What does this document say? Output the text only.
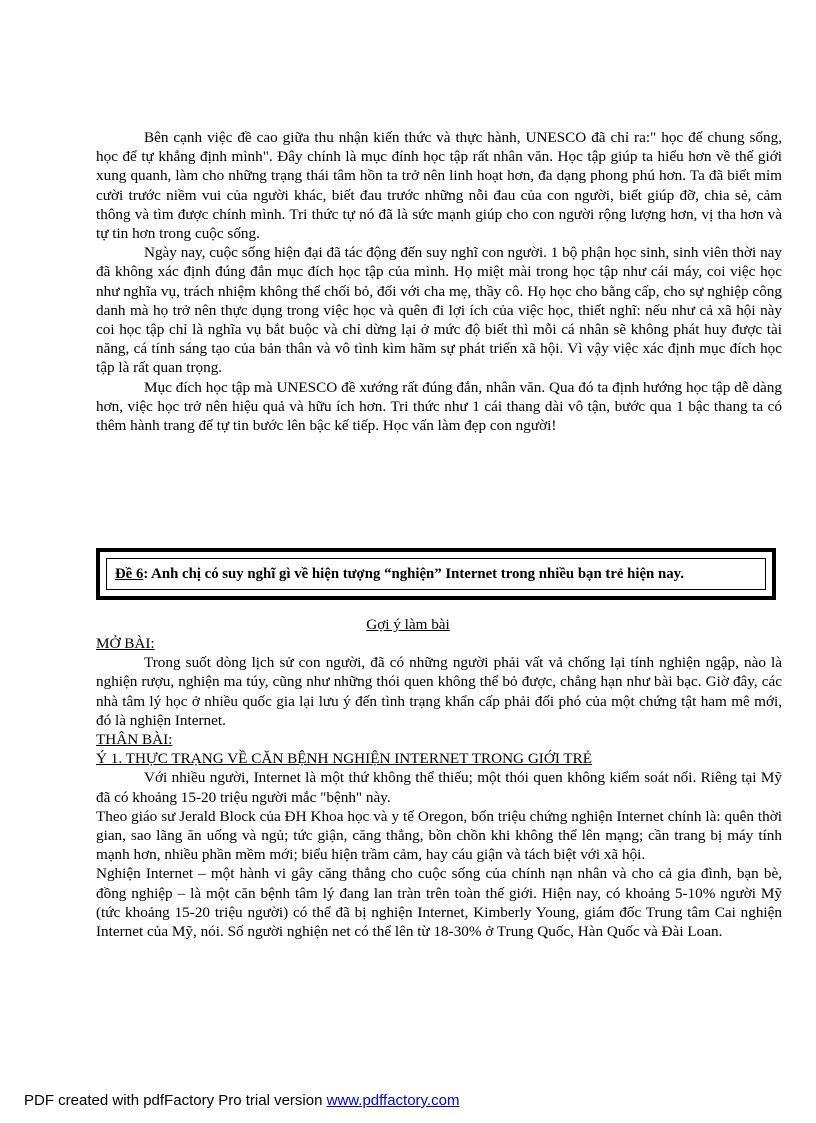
Bên cạnh việc đề cao giữa thu nhận kiến thức và thực hành, UNESCO đã chỉ ra:" học để chung sống, học để tự khẳng định mình". Đây chính là mục đính học tập rất nhân văn. Học tập giúp ta hiểu hơn về thế giới xung quanh, làm cho những trạng thái tâm hồn ta trở nên linh hoạt hơn, đa dạng phong phú hơn. Ta đã biết mỉm cười trước niềm vui của người khác, biết đau trước những nỗi đau của con người, biết giúp đỡ, chia sẻ, cảm thông và tìm được chính mình. Tri thức tự nó đã là sức mạnh giúp cho con người rộng lượng hơn, vị tha hơn và tự tin hơn trong cuộc sống.

Ngày nay, cuộc sống hiện đại đã tác động đến suy nghĩ con người. 1 bộ phận học sinh, sinh viên thời nay đã không xác định đúng đắn mục đích học tập của mình. Họ miệt mài trong học tập như cái máy, coi việc học như nghĩa vụ, trách nhiệm không thể chối bỏ, đối với cha mẹ, thầy cô. Họ học cho bằng cấp, cho sự nghiệp công danh mà họ trở nên thực dụng trong việc học và quên đi lợi ích của việc học, thiết nghĩ: nếu như cả xã hội này coi học tập chỉ là nghĩa vụ bắt buộc và chỉ dừng lại ở mức độ biết thì mỗi cá nhân sẽ không phát huy được tài năng, cá tính sáng tạo của bản thân và vô tình kìm hãm sự phát triển xã hội. Vì vậy việc xác định mục đích học tập là rất quan trọng.

Mục đích học tập mà UNESCO đề xướng rất đúng đắn, nhân văn. Qua đó ta định hướng học tập dễ dàng hơn, việc học trở nên hiệu quả và hữu ích hơn. Tri thức như 1 cái thang dài vô tận, bước qua 1 bậc thang ta có thêm hành trang để tự tin bước lên bậc kế tiếp. Học vấn làm đẹp con người!

Đề 6 : Anh chị có suy nghĩ gì về hiện tượng “nghiện” Internet trong nhiều bạn trẻ hiện nay.
Gợi ý làm bài
MỞ BÀI:

Trong suốt dòng lịch sử con người, đã có những người phải vất vả chống lại tính nghiện ngập, nào là nghiện rượu, nghiện ma túy, cũng như những thói quen không thể bỏ được, chẳng hạn như bài bạc. Giờ đây, các nhà tâm lý học ở nhiều quốc gia lại lưu ý đến tình trạng khẩn cấp phải đối phó của một chứng tật ham mê mới, đó là nghiện Internet.

THÂN BÀI:
Ý 1. THỰC TRẠNG VỀ CĂN BỆNH NGHIỆN INTERNET TRONG GIỚI TRẺ

Với nhiều người, Internet là một thứ không thể thiếu; một thói quen không kiểm soát nổi. Riêng tại Mỹ đã có khoảng 15-20 triệu người mắc "bệnh" này.

Theo giáo sư Jerald Block của ĐH Khoa học và y tế Oregon, bốn triệu chứng nghiện Internet chính là: quên thời gian, sao lãng ăn uống và ngủ; tức giận, căng thẳng, bồn chồn khi không thể lên mạng; cần trang bị máy tính mạnh hơn, nhiều phần mềm mới; biểu hiện trầm cảm, hay cáu giận và tách biệt với xã hội.

Nghiện Internet – một hành vi gây căng thẳng cho cuộc sống của chính nạn nhân và cho cả gia đình, bạn bè, đồng nghiệp – là một căn bệnh tâm lý đang lan tràn trên toàn thế giới. Hiện nay, có khoảng 5-10% người Mỹ (tức khoảng 15-20 triệu người) có thể đã bị nghiện Internet, Kimberly Young, giám đốc Trung tâm Cai nghiện Internet của Mỹ, nói. Số người nghiện net có thể lên từ 18-30% ở Trung Quốc, Hàn Quốc và Đài Loan.

PDF created with pdfFactory Pro trial version www.pdffactory.com
